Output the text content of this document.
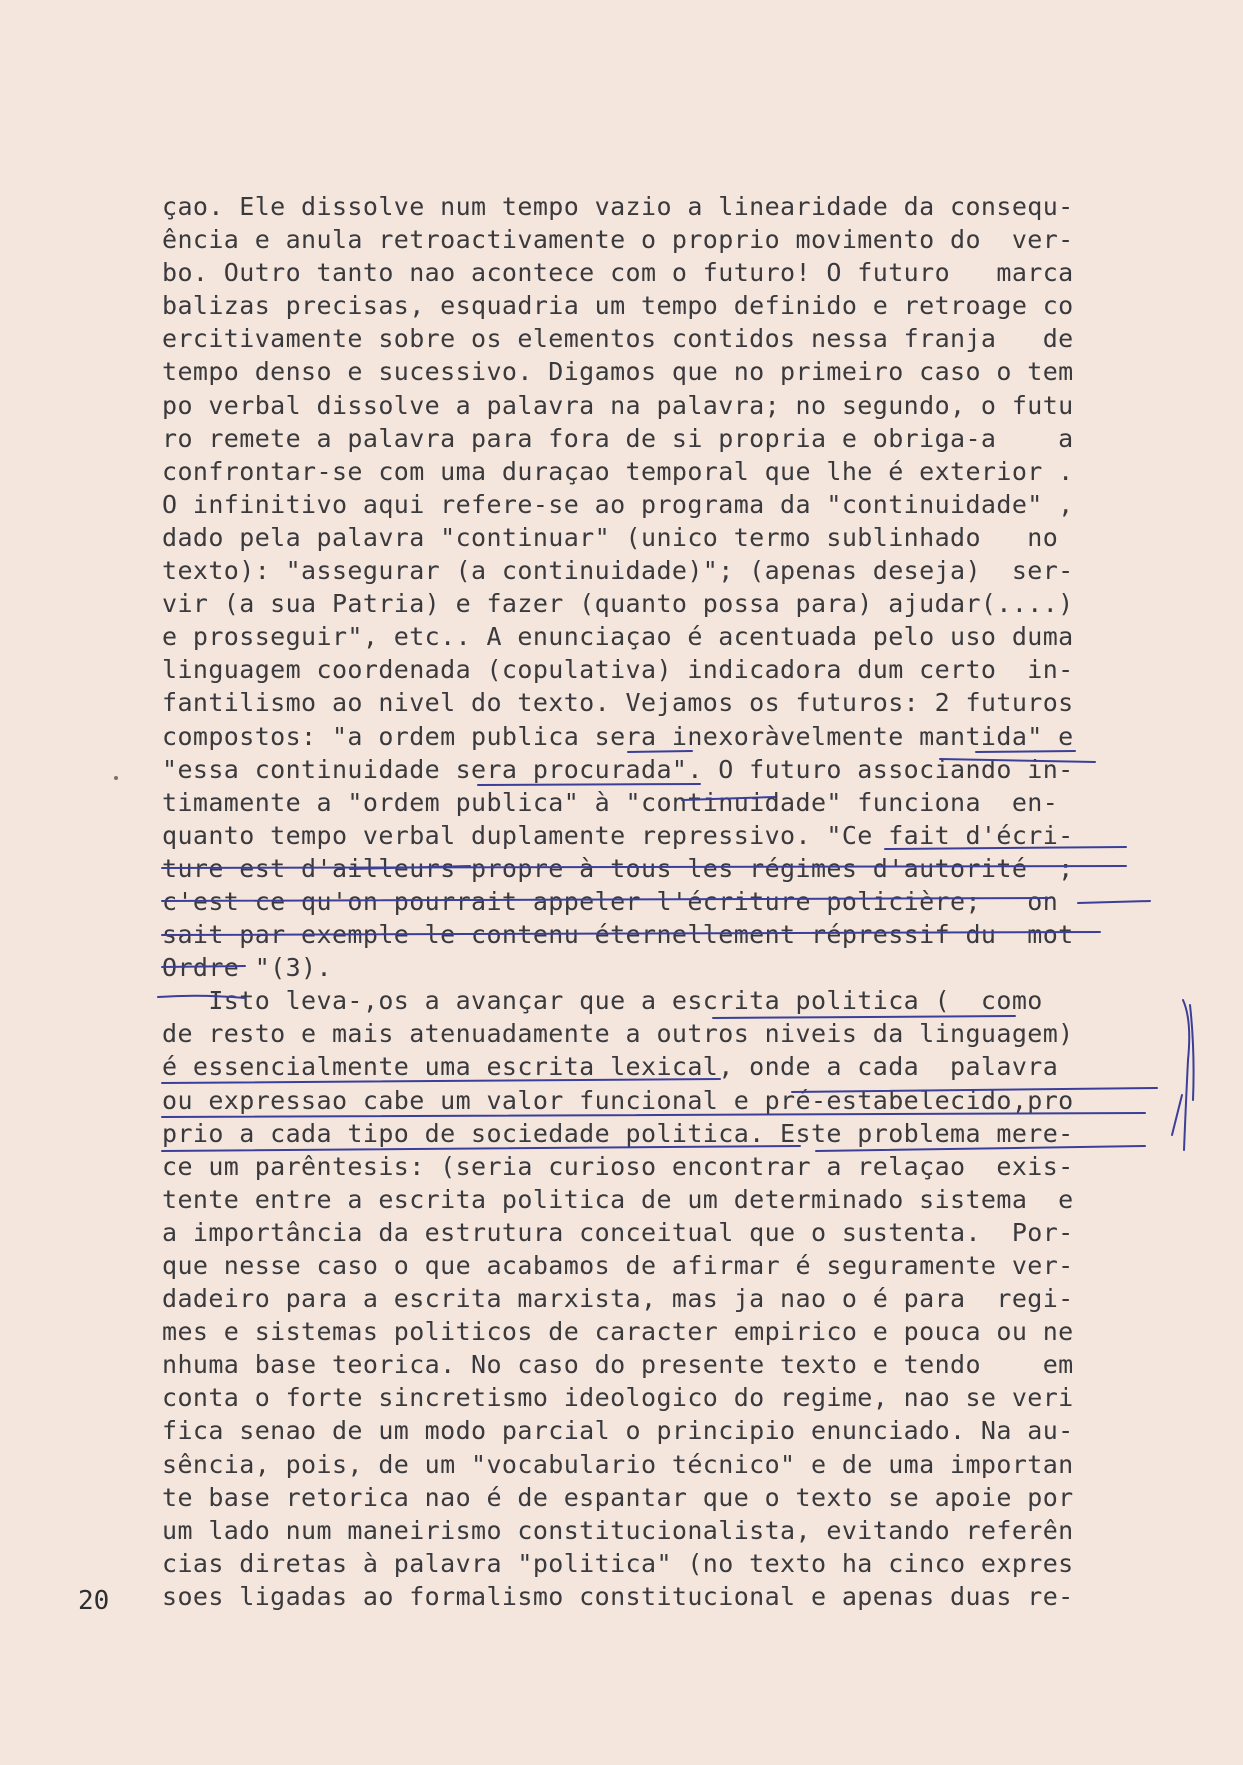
çao. Ele dissolve num tempo vazio a linearidade da consequ-
ência e anula retroactivamente o proprio movimento do  ver-
bo. Outro tanto nao acontece com o futuro! O futuro   marca
balizas precisas, esquadria um tempo definido e retroage co
ercitivamente sobre os elementos contidos nessa franja   de
tempo denso e sucessivo. Digamos que no primeiro caso o tem
po verbal dissolve a palavra na palavra; no segundo, o futu
ro remete a palavra para fora de si propria e obriga-a    a
confrontar-se com uma duraçao temporal que lhe é exterior .
O infinitivo aqui refere-se ao programa da "continuidade" ,
dado pela palavra "continuar" (unico termo sublinhado   no
texto): "assegurar (a continuidade)"; (apenas deseja)  ser-
vir (a sua Patria) e fazer (quanto possa para) ajudar(....)
e prosseguir", etc.. A enunciaçao é acentuada pelo uso duma
linguagem coordenada (copulativa) indicadora dum certo  in-
fantilismo ao nivel do texto. Vejamos os futuros: 2 futuros
compostos: "a ordem publica sera inexoràvelmente mantida" e
"essa continuidade sera procurada". O futuro associando in-
timamente a "ordem publica" à "continuidade" funciona  en-
quanto tempo verbal duplamente repressivo. "Ce fait d'écri-
ture est d'ailleurs propre à tous les régimes d'autorité  ;
c'est ce qu'on pourrait appeler l'écriture policière;   on
sait par exemple le contenu éternellement répressif du  mot
Ordre "(3).
Isto leva-,os a avançar que a escrita politica (  como
de resto e mais atenuadamente a outros niveis da linguagem)
é essencialmente uma escrita lexical, onde a cada  palavra
ou expressao cabe um valor funcional e pré-estabelecido,pro
prio a cada tipo de sociedade politica. Este problema mere-
ce um parêntesis: (seria curioso encontrar a relaçao  exis-
tente entre a escrita politica de um determinado sistema  e
a importância da estrutura conceitual que o sustenta.  Por-
que nesse caso o que acabamos de afirmar é seguramente ver-
dadeiro para a escrita marxista, mas ja nao o é para  regi-
mes e sistemas politicos de caracter empirico e pouca ou ne
nhuma base teorica. No caso do presente texto e tendo    em
conta o forte sincretismo ideologico do regime, nao se veri
fica senao de um modo parcial o principio enunciado. Na au-
sência, pois, de um "vocabulario técnico" e de uma importan
te base retorica nao é de espantar que o texto se apoie por
um lado num maneirismo constitucionalista, evitando referên
cias diretas à palavra "politica" (no texto ha cinco expres
soes ligadas ao formalismo constitucional e apenas duas re-
20
